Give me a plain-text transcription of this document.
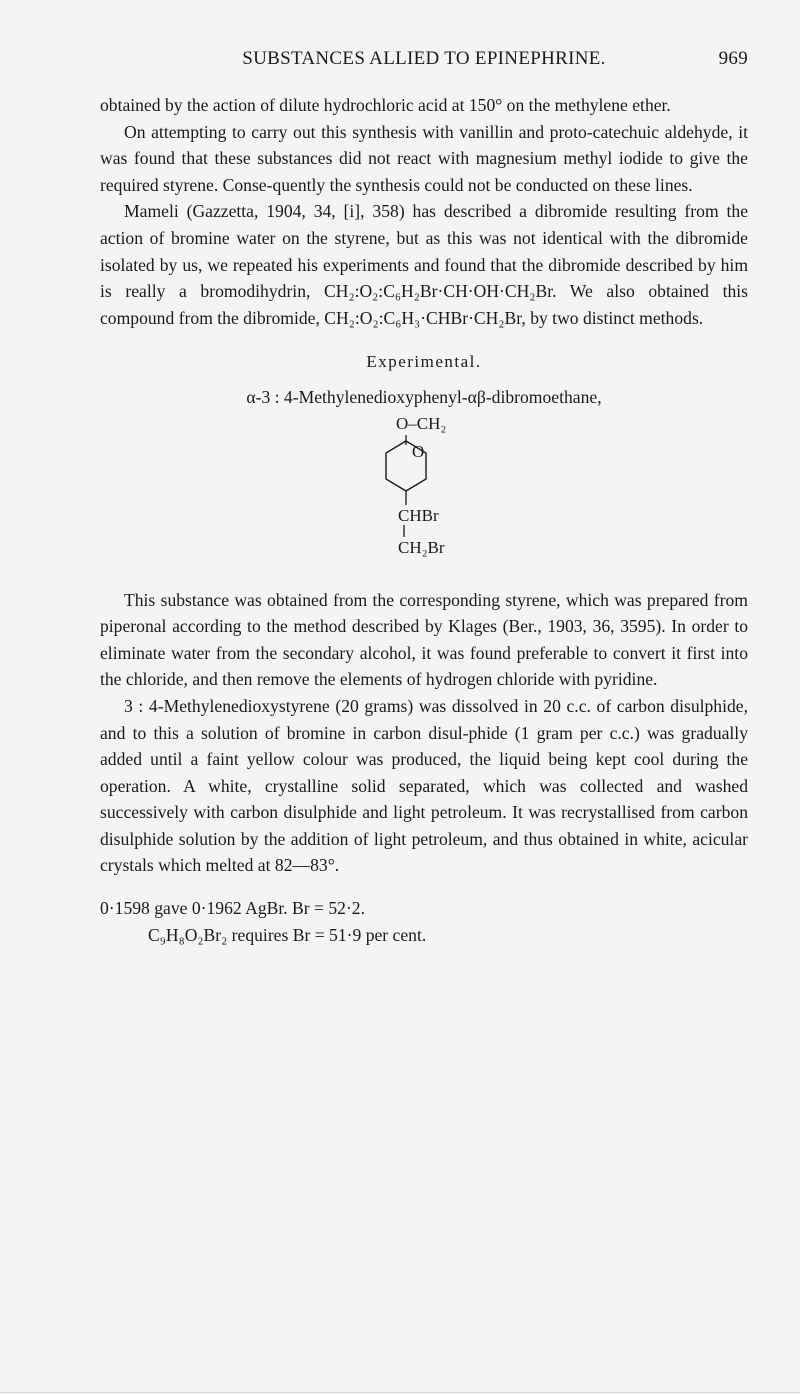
SUBSTANCES ALLIED TO EPINEPHRINE.	969

obtained by the action of dilute hydrochloric acid at 150° on the methylene ether.

On attempting to carry out this synthesis with vanillin and proto-catechuic aldehyde, it was found that these substances did not react with magnesium methyl iodide to give the required styrene. Conse-quently the synthesis could not be conducted on these lines.

Mameli (Gazzetta, 1904, 34, [i], 358) has described a dibromide resulting from the action of bromine water on the styrene, but as this was not identical with the dibromide isolated by us, we repeated his experiments and found that the dibromide described by him is really a bromodihydrin, CH₂:O₂:C₆H₂Br·CH·OH·CH₂Br. We also obtained this compound from the dibromide, CH₂:O₂:C₆H₃·CHBr·CH₂Br, by two distinct methods.

Experimental.

α-3 : 4-Methylenedioxyphenyl-αβ-dibromoethane,

O–CH₂
O
CHBr
CH₂Br

This substance was obtained from the corresponding styrene, which was prepared from piperonal according to the method described by Klages (Ber., 1903, 36, 3595). In order to eliminate water from the secondary alcohol, it was found preferable to convert it first into the chloride, and then remove the elements of hydrogen chloride with pyridine.

3 : 4-Methylenedioxystyrene (20 grams) was dissolved in 20 c.c. of carbon disulphide, and to this a solution of bromine in carbon disul-phide (1 gram per c.c.) was gradually added until a faint yellow colour was produced, the liquid being kept cool during the operation. A white, crystalline solid separated, which was collected and washed successively with carbon disulphide and light petroleum. It was recrystallised from carbon disulphide solution by the addition of light petroleum, and thus obtained in white, acicular crystals which melted at 82—83°.

0·1598 gave 0·1962 AgBr. Br = 52·2.

C₉H₈O₂Br₂ requires Br = 51·9 per cent.
